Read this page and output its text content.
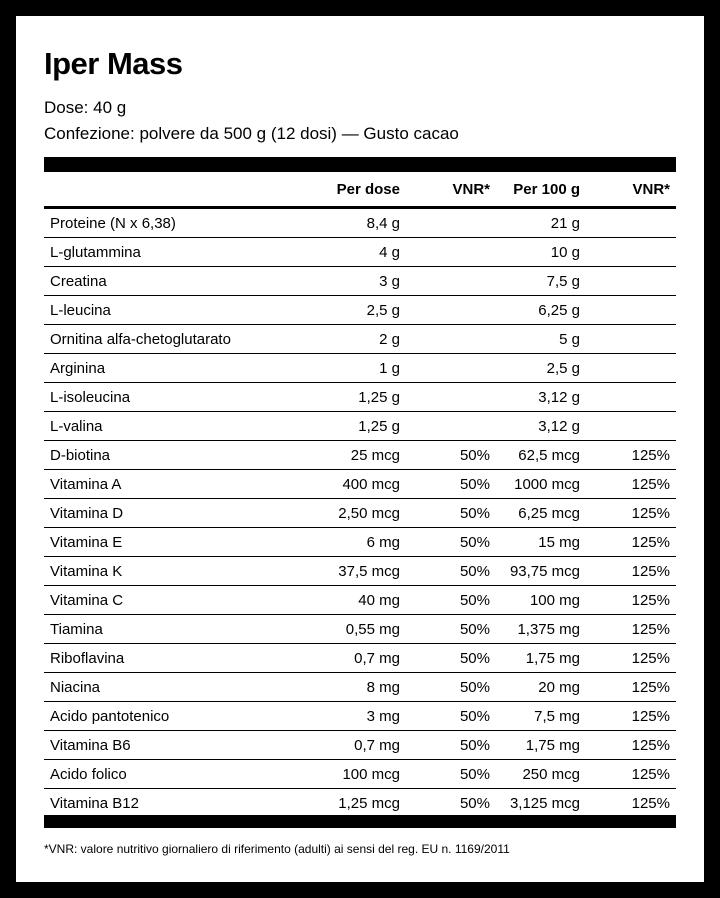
Iper Mass
Dose: 40 g
Confezione: polvere da 500 g (12 dosi) — Gusto cacao
	Per dose	VNR*	Per 100 g	VNR*
Proteine (N x 6,38)	8,4 g		21 g	
L-glutammina	4 g		10 g	
Creatina	3 g		7,5 g	
L-leucina	2,5 g		6,25 g	
Ornitina alfa-chetoglutarato	2 g		5 g	
Arginina	1 g		2,5 g	
L-isoleucina	1,25 g		3,12 g	
L-valina	1,25 g		3,12 g	
D-biotina	25 mcg	50%	62,5 mcg	125%
Vitamina A	400 mcg	50%	1000 mcg	125%
Vitamina D	2,50 mcg	50%	6,25 mcg	125%
Vitamina E	6 mg	50%	15 mg	125%
Vitamina K	37,5 mcg	50%	93,75 mcg	125%
Vitamina C	40 mg	50%	100 mg	125%
Tiamina	0,55 mg	50%	1,375 mg	125%
Riboflavina	0,7 mg	50%	1,75 mg	125%
Niacina	8 mg	50%	20 mg	125%
Acido pantotenico	3 mg	50%	7,5 mg	125%
Vitamina B6	0,7 mg	50%	1,75 mg	125%
Acido folico	100 mcg	50%	250 mcg	125%
Vitamina B12	1,25 mcg	50%	3,125 mcg	125%
*VNR: valore nutritivo giornaliero di riferimento (adulti) ai sensi del reg. EU n. 1169/2011
